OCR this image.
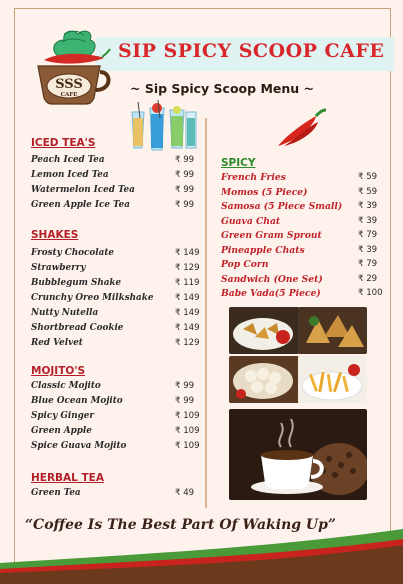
SIP SPICY SCOOP CAFE
SSS
CAFE	~ Sip Spicy Scoop Menu ~
ICED TEA'S
Peach Iced Tea	₹ 99
Lemon Iced Tea	₹ 99
Watermelon Iced Tea	₹ 99
Green Apple Ice Tea	₹ 99
SHAKES
Frosty Chocolate	₹ 149
Strawberry	₹ 129
Bubblegum Shake	₹ 119
Crunchy Oreo Milkshake	₹ 149
Nutty Nutella	₹ 149
Shortbread Cookie	₹ 149
Red Velvet	₹ 129
MOJITO'S
Classic Mojito	₹ 99
Blue Ocean Mojito	₹ 99
Spicy Ginger	₹ 109
Green Apple	₹ 109
Spice Guava Mojito	₹ 109
HERBAL TEA
Green Tea	₹ 49
SPICY
French Fries	₹ 59
Momos (5 Piece)	₹ 59
Samosa (5 Piece Small) ₹ 39
Guava Chat	₹ 39
Green Gram Sprout	₹ 79
Pineapple Chats	₹ 39
Pop Corn	₹ 79
Sandwich (One Set)	₹ 29
Babe Vada(5 Piece)	₹ 100
“Coffee Is The Best Part Of Waking Up”
